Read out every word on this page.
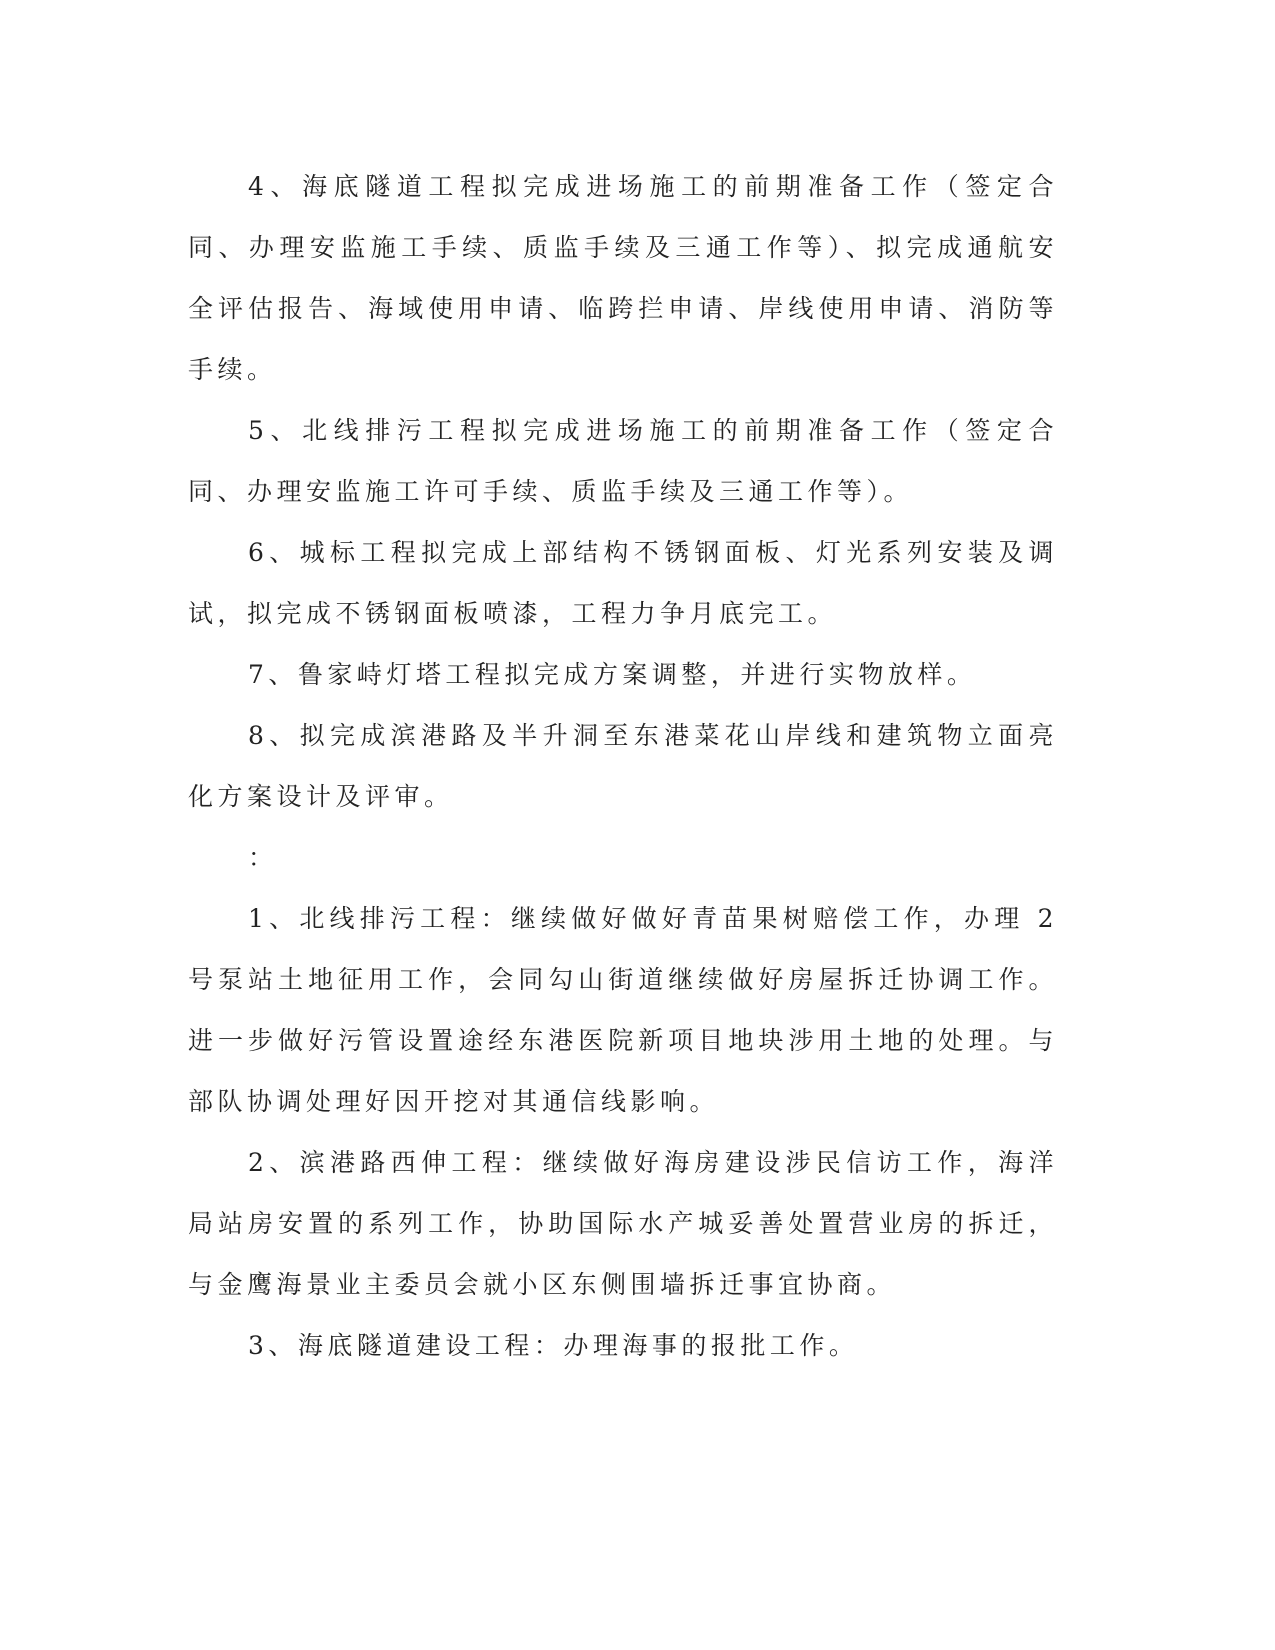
4、海底隧道工程拟完成进场施工的前期准备工作（签定合同、办理安监施工手续、质监手续及三通工作等）、拟完成通航安全评估报告、海域使用申请、临跨拦申请、岸线使用申请、消防等手续。

5、北线排污工程拟完成进场施工的前期准备工作（签定合同、办理安监施工许可手续、质监手续及三通工作等）。

6、城标工程拟完成上部结构不锈钢面板、灯光系列安装及调试，拟完成不锈钢面板喷漆，工程力争月底完工。

7、鲁家峙灯塔工程拟完成方案调整，并进行实物放样。

8、拟完成滨港路及半升洞至东港菜花山岸线和建筑物立面亮化方案设计及评审。

：

1、北线排污工程：继续做好做好青苗果树赔偿工作，办理 2 号泵站土地征用工作，会同勾山街道继续做好房屋拆迁协调工作。进一步做好污管设置途经东港医院新项目地块涉用土地的处理。与部队协调处理好因开挖对其通信线影响。

2、滨港路西伸工程：继续做好海房建设涉民信访工作，海洋局站房安置的系列工作，协助国际水产城妥善处置营业房的拆迁，与金鹰海景业主委员会就小区东侧围墙拆迁事宜协商。

3、海底隧道建设工程：办理海事的报批工作。
